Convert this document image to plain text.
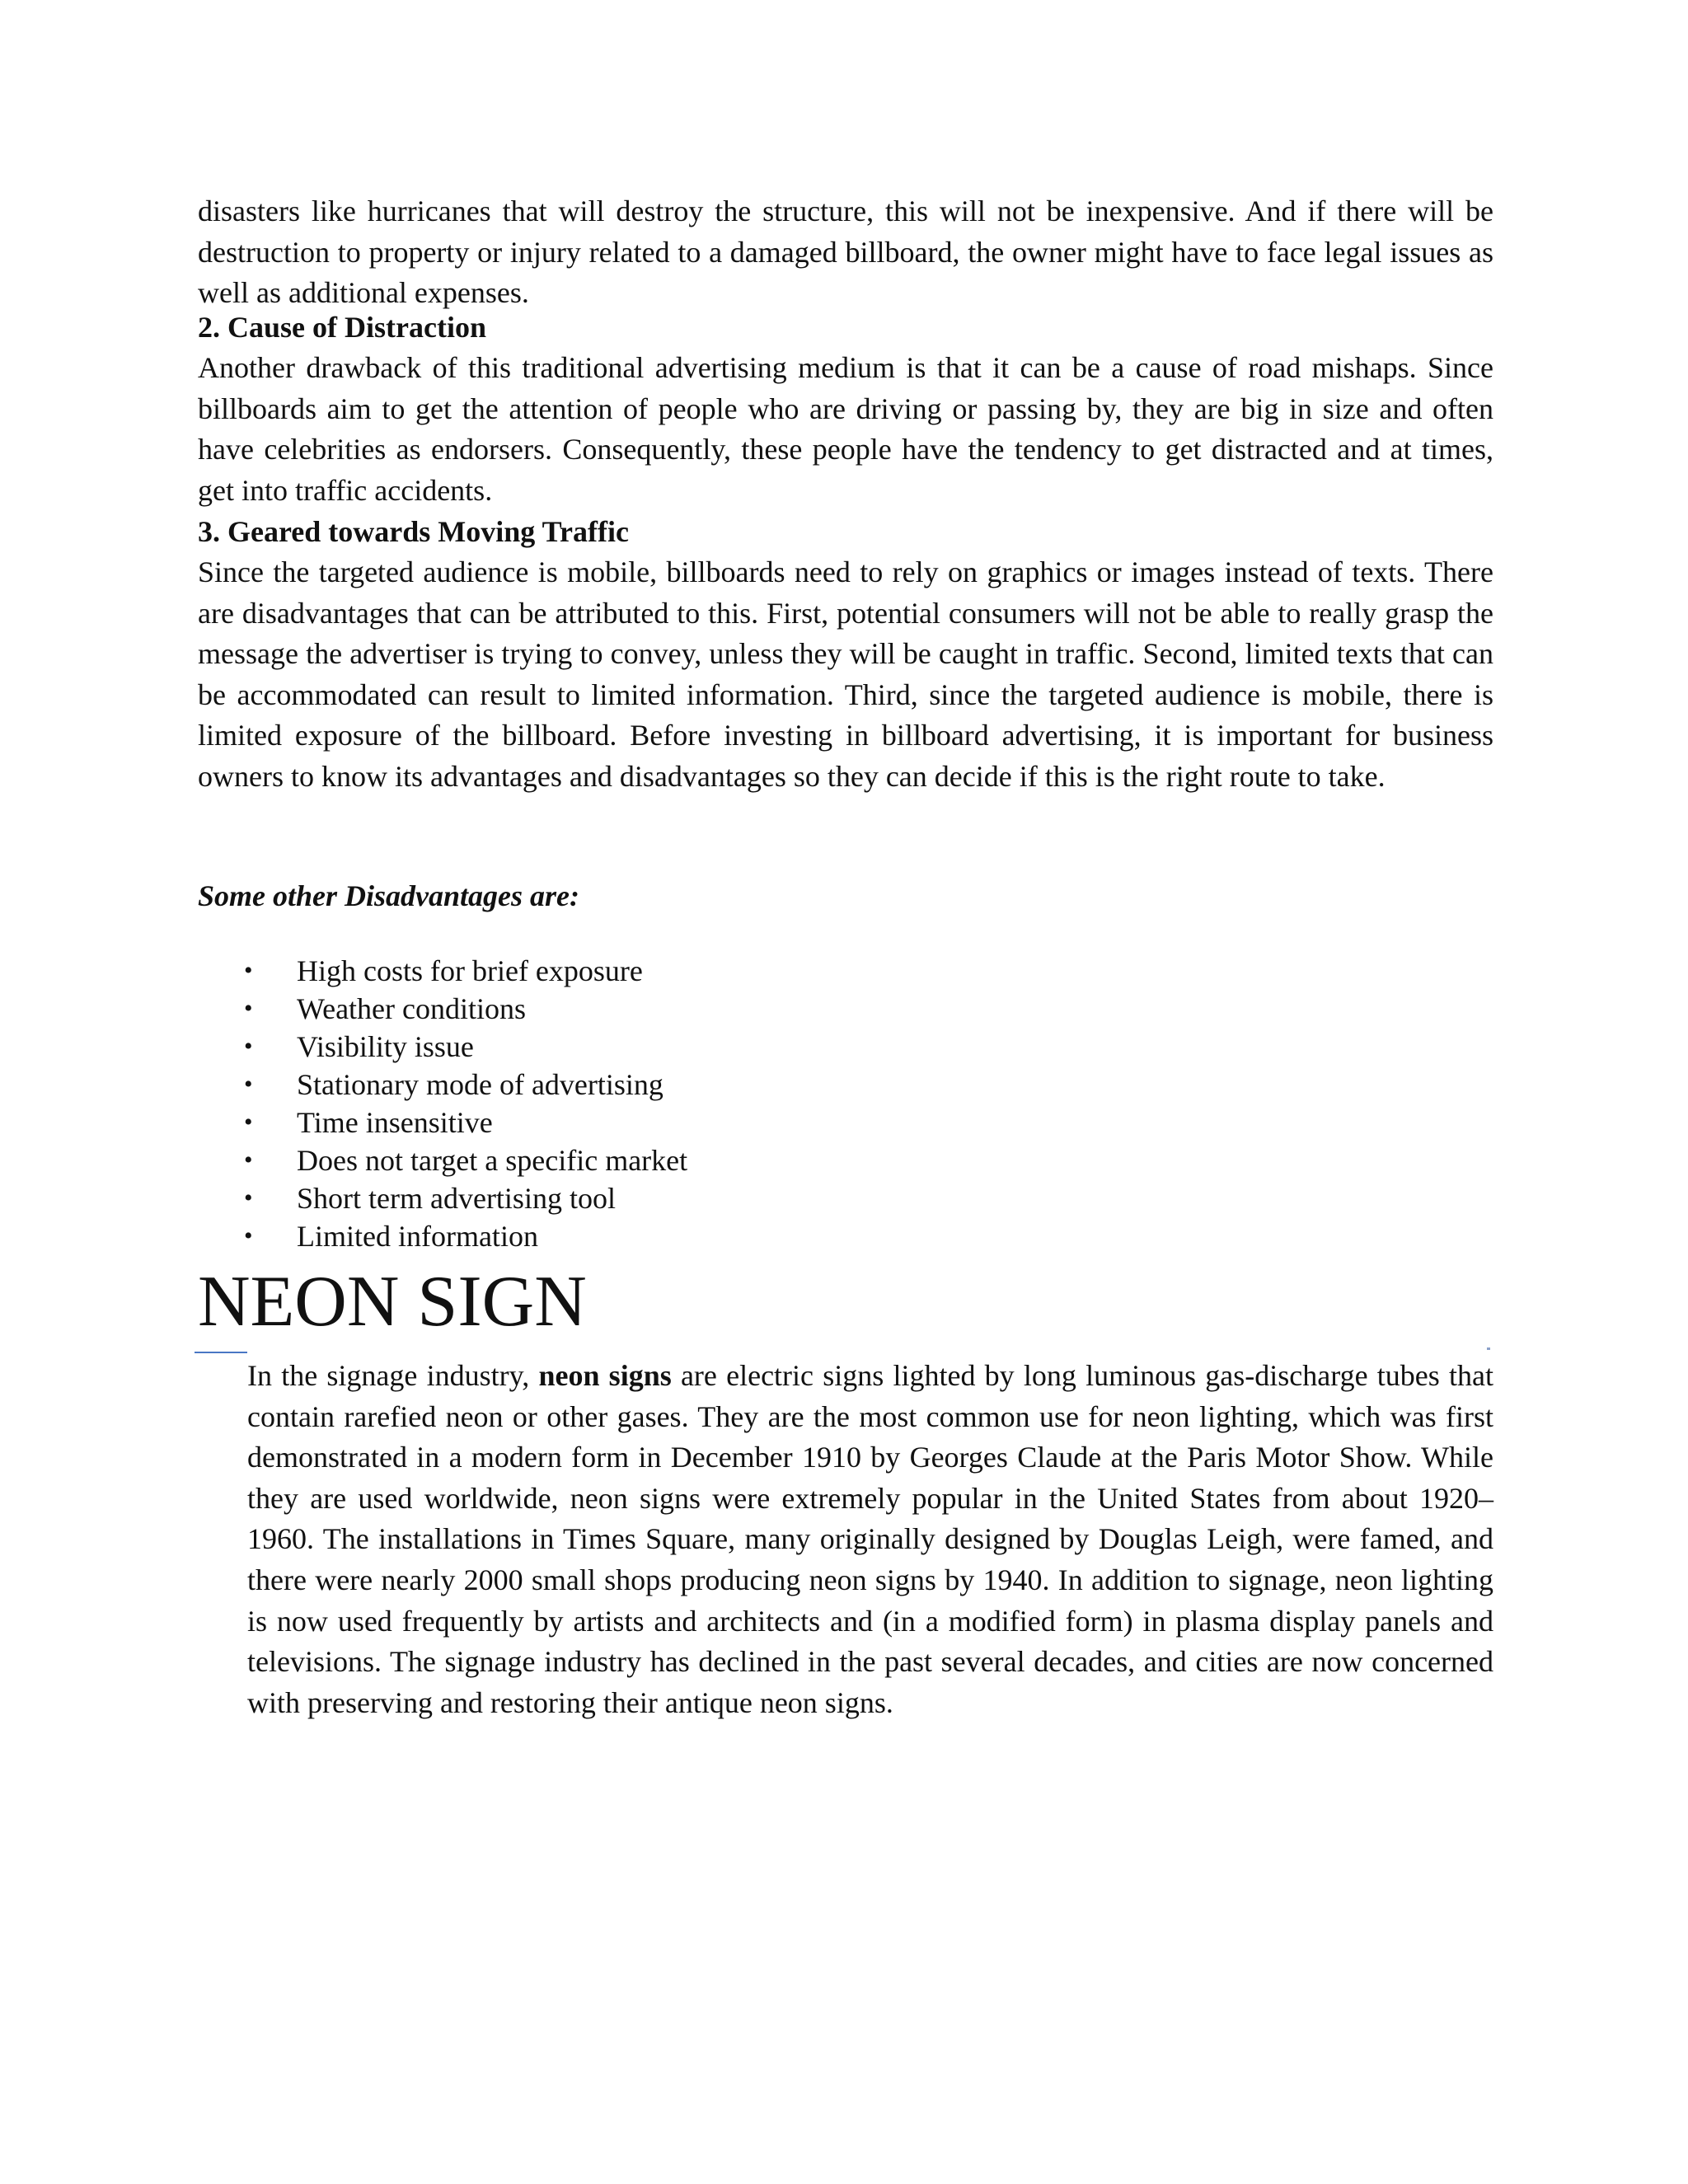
disasters like hurricanes that will destroy the structure, this will not be inexpensive. And if there will be destruction to property or injury related to a damaged billboard, the owner might have to face legal issues as well as additional expenses.

2. Cause of Distraction

Another drawback of this traditional advertising medium is that it can be a cause of road mishaps. Since billboards aim to get the attention of people who are driving or passing by, they are big in size and often have celebrities as endorsers. Consequently, these people have the tendency to get distracted and at times, get into traffic accidents.

3. Geared towards Moving Traffic

Since the targeted audience is mobile, billboards need to rely on graphics or images instead of texts. There are disadvantages that can be attributed to this. First, potential consumers will not be able to really grasp the message the advertiser is trying to convey, unless they will be caught in traffic. Second, limited texts that can be accommodated can result to limited information. Third, since the targeted audience is mobile, there is limited exposure of the billboard. Before investing in billboard advertising, it is important for business owners to know its advantages and disadvantages so they can decide if this is the right route to take.

Some other Disadvantages are:

• High costs for brief exposure
• Weather conditions
• Visibility issue
• Stationary mode of advertising
• Time insensitive
• Does not target a specific market
• Short term advertising tool
• Limited information
NEON SIGN

In the signage industry, neon signs are electric signs lighted by long luminous gas-discharge tubes that contain rarefied neon or other gases. They are the most common use for neon lighting, which was first demonstrated in a modern form in December 1910 by Georges Claude at the Paris Motor Show. While they are used worldwide, neon signs were extremely popular in the United States from about 1920–1960. The installations in Times Square, many originally designed by Douglas Leigh, were famed, and there were nearly 2000 small shops producing neon signs by 1940. In addition to signage, neon lighting is now used frequently by artists and architects and (in a modified form) in plasma display panels and televisions. The signage industry has declined in the past several decades, and cities are now concerned with preserving and restoring their antique neon signs.
